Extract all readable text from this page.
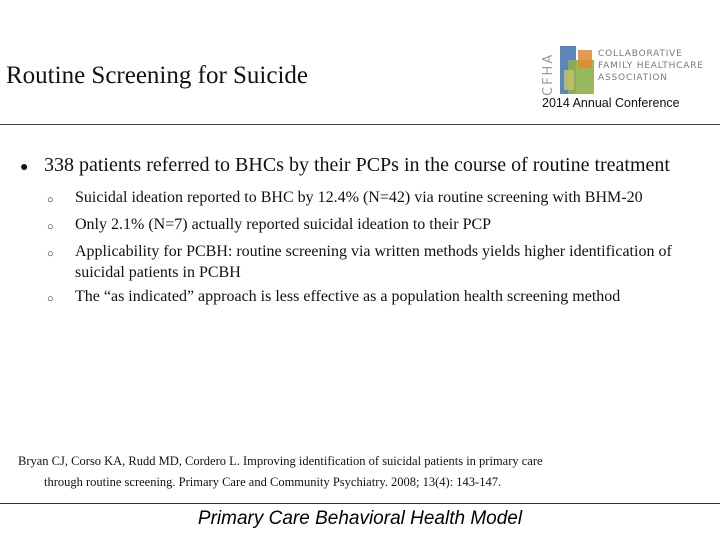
Routine Screening for Suicide	CFHA	COLLABORATIVE
FAMILY HEALTHCARE
ASSOCIATION
2014 Annual Conference
● 338 patients referred to BHCs by their PCPs in the course of routine treatment
○	Suicidal ideation reported to BHC by 12.4% (N=42) via routine screening with BHM-20
○	Only 2.1% (N=7) actually reported suicidal ideation to their PCP
○	Applicability for PCBH: routine screening via written methods yields higher identification of suicidal patients in PCBH
○	The “as indicated” approach is less effective as a population health screening method
Bryan CJ, Corso KA, Rudd MD, Cordero L. Improving identification of suicidal patients in primary care
through routine screening. Primary Care and Community Psychiatry. 2008; 13(4): 143-147.
Primary Care Behavioral Health Model
